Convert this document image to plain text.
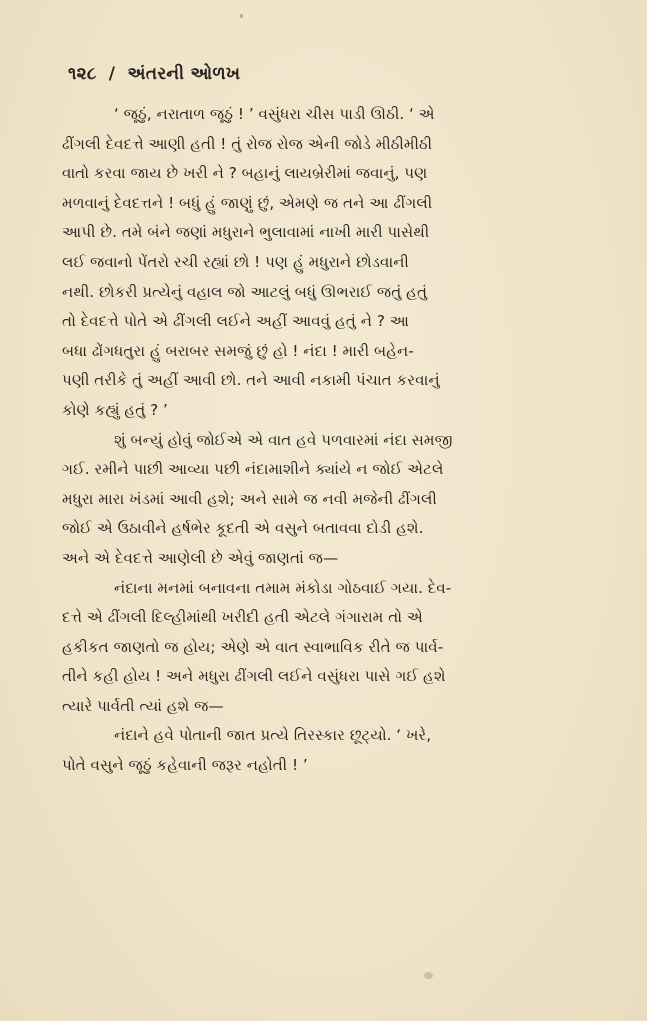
૧૨૮ / અંતરની ઓળખ

‘ જૂઠું, નરાતાળ જૂઠું ! ’ વસુંધરા ચીસ પાડી ઊઠી. ‘ એ
ઢીંગલી દેવદત્તે આણી હતી ! તું રોજ રોજ એની જોડે મીઠીમીઠી
વાતો કરવા જાય છે ખરી ને ? બહાનું લાયબ્રેરીમાં જવાનું, પણ
મળવાનું દેવદત્તને ! બધું હું જાણું છું, એમણે જ તને આ ઢીંગલી
આપી છે. તમે બંને જણાં મધુરાને ભુલાવામાં નાખી મારી પાસેથી
લઈ જવાનો પેંતરો રચી રહ્યાં છો ! પણ હું મધુરાને છોડવાની
નથી. છોકરી પ્રત્યેનું વહાલ જો આટલું બધું ઊભરાઈ જતું હતું
તો દેવદત્તે પોતે એ ઢીંગલી લઈને અહીં આવવું હતું ને ? આ
બધા ઢોંગધતુરા હું બરાબર સમજું છું હો ! નંદા ! મારી બહેન-
પણી તરીકે તું અહીં આવી છો. તને આવી નકામી પંચાત કરવાનું
કોણે કહ્યું હતું ? ’

શું બન્યું હોવું જોઈએ એ વાત હવે પળવારમાં નંદા સમજી
ગઈ. રમીને પાછી આવ્યા પછી નંદામાશીને ક્યાંયે ન જોઈ એટલે
મધુરા મારા ખંડમાં આવી હશે; અને સામે જ નવી મજેની ઢીંગલી
જોઈ એ ઉઠાવીને હર્ષભેર કૂદતી એ વસુને બતાવવા દોડી હશે.
અને એ દેવદત્તે આણેલી છે એવું જાણતાં જ—

નંદાના મનમાં બનાવના તમામ મંકોડા ગોઠવાઈ ગયા. દેવ-
દત્તે એ ઢીંગલી દિલ્હીમાંથી ખરીદી હતી એટલે ગંગારામ તો એ
હકીકત જાણતો જ હોય; એણે એ વાત સ્વાભાવિક રીતે જ પાર્વ-
તીને કહી હોય ! અને મધુરા ઢીંગલી લઈને વસુંધરા પાસે ગઈ હશે
ત્યારે પાર્વતી ત્યાં હશે જ—

નંદાને હવે પોતાની જાત પ્રત્યે તિરસ્કાર છૂટ્યો. ‘ ખરે,
પોતે વસુને જૂઠું કહેવાની જરૂર નહોતી ! ’
